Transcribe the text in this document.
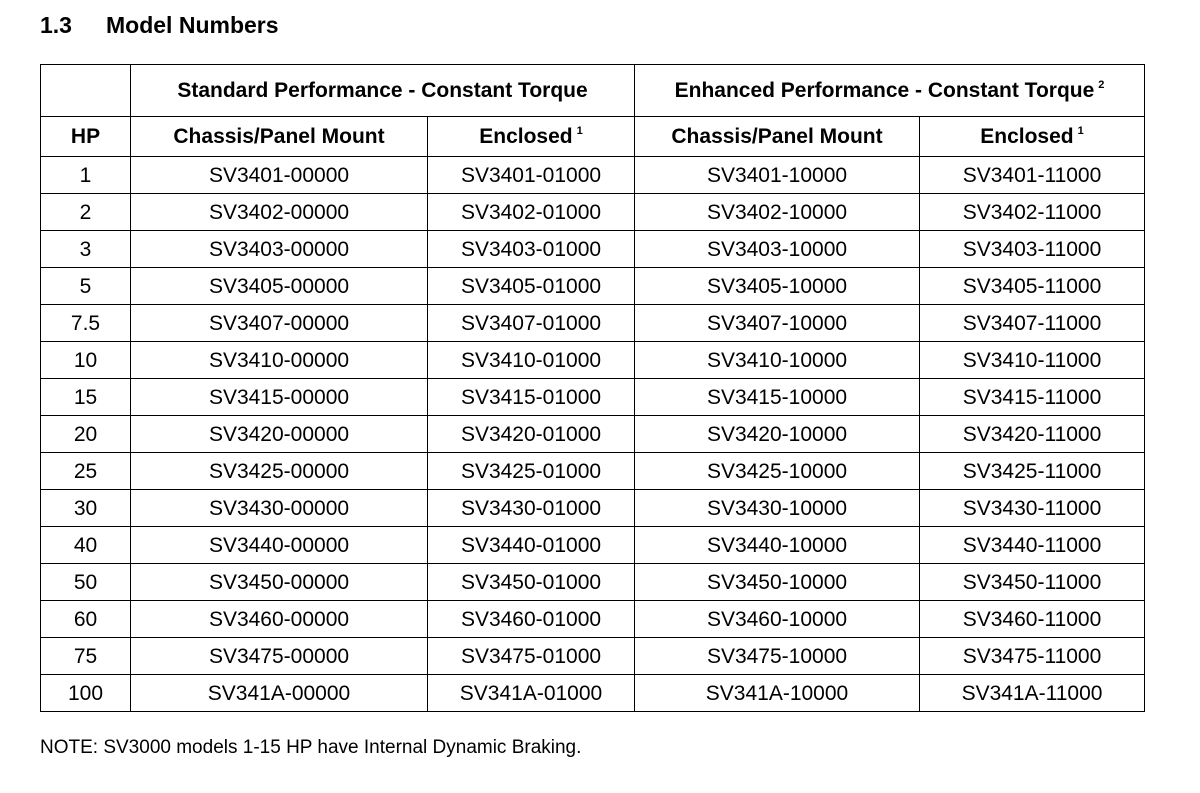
1.3 Model Numbers
	Standard Performance - Constant Torque		Enhanced Performance - Constant Torque $^2$
HP	Chassis/Panel Mount	Enclosed $^1$	Chassis/Panel Mount	Enclosed $^1$
1	SV3401-00000	SV3401-01000	SV3401-10000	SV3401-11000
2	SV3402-00000	SV3402-01000	SV3402-10000	SV3402-11000
3	SV3403-00000	SV3403-01000	SV3403-10000	SV3403-11000
5	SV3405-00000	SV3405-01000	SV3405-10000	SV3405-11000
7.5	SV3407-00000	SV3407-01000	SV3407-10000	SV3407-11000
10	SV3410-00000	SV3410-01000	SV3410-10000	SV3410-11000
15	SV3415-00000	SV3415-01000	SV3415-10000	SV3415-11000
20	SV3420-00000	SV3420-01000	SV3420-10000	SV3420-11000
25	SV3425-00000	SV3425-01000	SV3425-10000	SV3425-11000
30	SV3430-00000	SV3430-01000	SV3430-10000	SV3430-11000
40	SV3440-00000	SV3440-01000	SV3440-10000	SV3440-11000
50	SV3450-00000	SV3450-01000	SV3450-10000	SV3450-11000
60	SV3460-00000	SV3460-01000	SV3460-10000	SV3460-11000
75	SV3475-00000	SV3475-01000	SV3475-10000	SV3475-11000
100	SV341A-00000	SV341A-01000	SV341A-10000	SV341A-11000
NOTE: SV3000 models 1-15 HP have Internal Dynamic Braking.
